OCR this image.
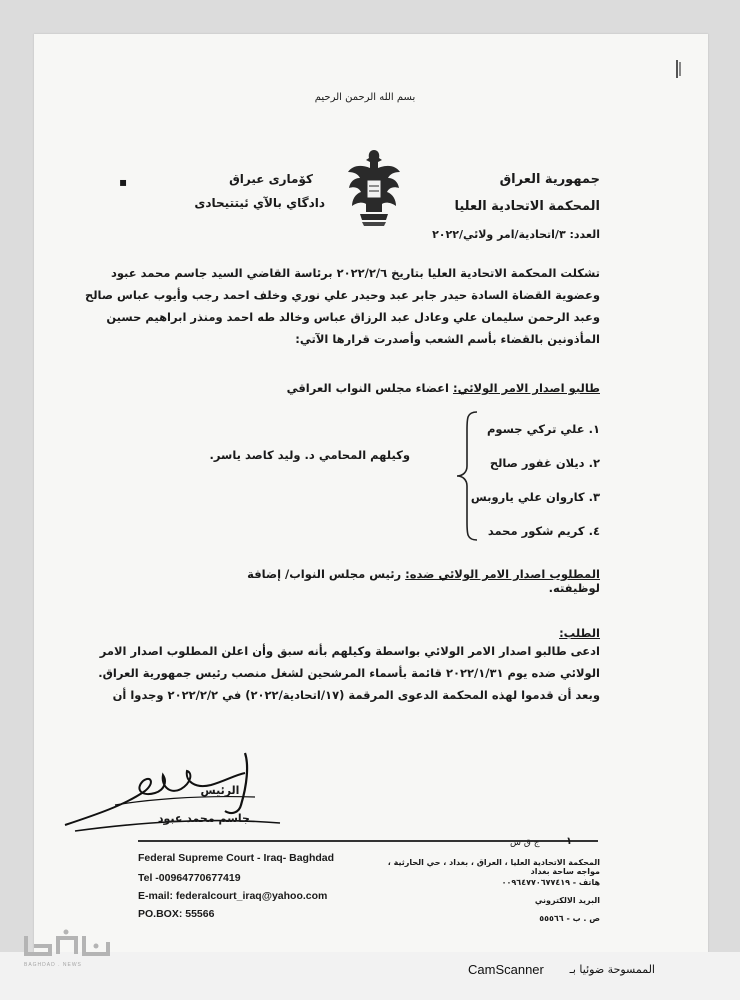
بسم الله الرحمن الرحيم
كۆمارى عيراق
دادگاي بالآي ئيتتيحادى
▪	جمهورية العراق
المحكمة الاتحادية العليا
العدد: ٣/اتحادية/امر ولائي/٢٠٢٢
تشكلت المحكمة الاتحادية العليا بتاريخ ٢٠٢٢/٢/٦ برئاسة القاضي السيد جاسم محمد عبود
وعضوية القضاة السادة حيدر جابر عبد وحيدر علي نوري وخلف احمد رجب وأيوب عباس صالح
وعبد الرحمن سليمان علي وعادل عبد الرزاق عباس وخالد طه احمد ومنذر ابراهيم حسين
المأذونين بالقضاء بأسم الشعب وأصدرت قرارها الآتي:
طالبو اصدار الامر الولائي: اعضاء مجلس النواب العراقي
١. علي تركي جسوم
٢. ديلان غفور صالح
٣. كاروان علي ياروبس
٤. كريم شكور محمد
وكيلهم المحامي د. وليد كاصد ياسر.
المطلوب اصدار الامر الولائي ضده: رئيس مجلس النواب/ إضافة لوظيفته.
الطلب:
ادعى طالبو اصدار الامر الولائي بواسطة وكيلهم بأنه سبق وأن اعلن المطلوب اصدار الامر
الولائي ضده يوم ٢٠٢٢/١/٣١ قائمة بأسماء المرشحين لشغل منصب رئيس جمهورية العراق.
وبعد أن قدموا لهذه المحكمة الدعوى المرقمة (١٧/اتحادية/٢٠٢٢) في ٢٠٢٢/٢/٢ وجدوا أن
الرئيس
جاسم محمد عبود
١
ج ق س
Federal Supreme Court - Iraq- Baghdad
Tel -00964770677419
E-mail: federalcourt_iraq@yahoo.com
PO.BOX: 55566
المحكمة الاتحادية العليا ، العراق ، بغداد ، حي الحارثية ، مواجه ساحة بغداد
هاتف - ٠٠٩٦٤٧٧٠٦٧٧٤١٩
البريد الالكتروني
ص . ب - ٥٥٥٦٦
CamScanner	الممسوحة ضوئيا بـ
BAGHDAD . NEWS
